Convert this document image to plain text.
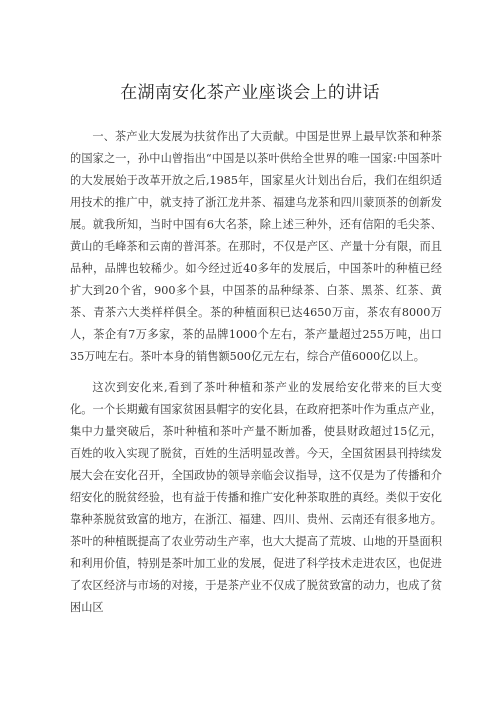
在湖南安化茶产业座谈会上的讲话

一、茶产业大发展为扶贫作出了大贡献。中国是世界上最早饮茶和种茶的国家之一，孙中山曾指出“中国是以茶叶供给全世界的唯一国家:中国茶叶的大发展始于改革开放之后,1985年，国家星火计划出台后，我们在组织适用技术的推广中，就支持了浙江龙井茶、福建乌龙茶和四川蒙顶茶的创新发展。就我所知，当时中国有6大名茶，除上述三种外，还有信阳的毛尖茶、黄山的毛峰茶和云南的普洱茶。在那时，不仅是产区、产量十分有限，而且品种，品牌也较稀少。如今经过近40多年的发展后，中国茶叶的种植已经扩大到20个省，900多个县，中国茶的品种绿茶、白茶、黑茶、红茶、黄茶、青茶六大类样样俱全。茶的种植面积已达4650万亩，茶农有8000万人，茶企有7万多家，茶的品牌1000个左右，茶产量超过255万吨，出口35万吨左右。茶叶本身的销售额500亿元左右，综合产值6000亿以上。

这次到安化来,看到了茶叶种植和茶产业的发展给安化带来的巨大变化。一个长期戴有国家贫困县帽字的安化县，在政府把茶叶作为重点产业，集中力量突破后，茶叶种植和茶叶产量不断加番，使县财政超过15亿元，百姓的收入实现了脱贫，百姓的生活明显改善。今天，全国贫困县刊持续发展大会在安化召开，全国政协的领导亲临会议指导，这不仅是为了传播和介绍安化的脱贫经验，也有益于传播和推广安化种茶取胜的真经。类似于安化靠种茶脱贫致富的地方，在浙江、福建、四川、贵州、云南还有很多地方。茶叶的种植既提高了农业劳动生产率，也大大提高了荒坡、山地的开垦面积和利用价值，特别是茶叶加工业的发展，促进了科学技术走进农区，也促进了农区经济与市场的对接，于是茶产业不仅成了脱贫致富的动力，也成了贫困山区
